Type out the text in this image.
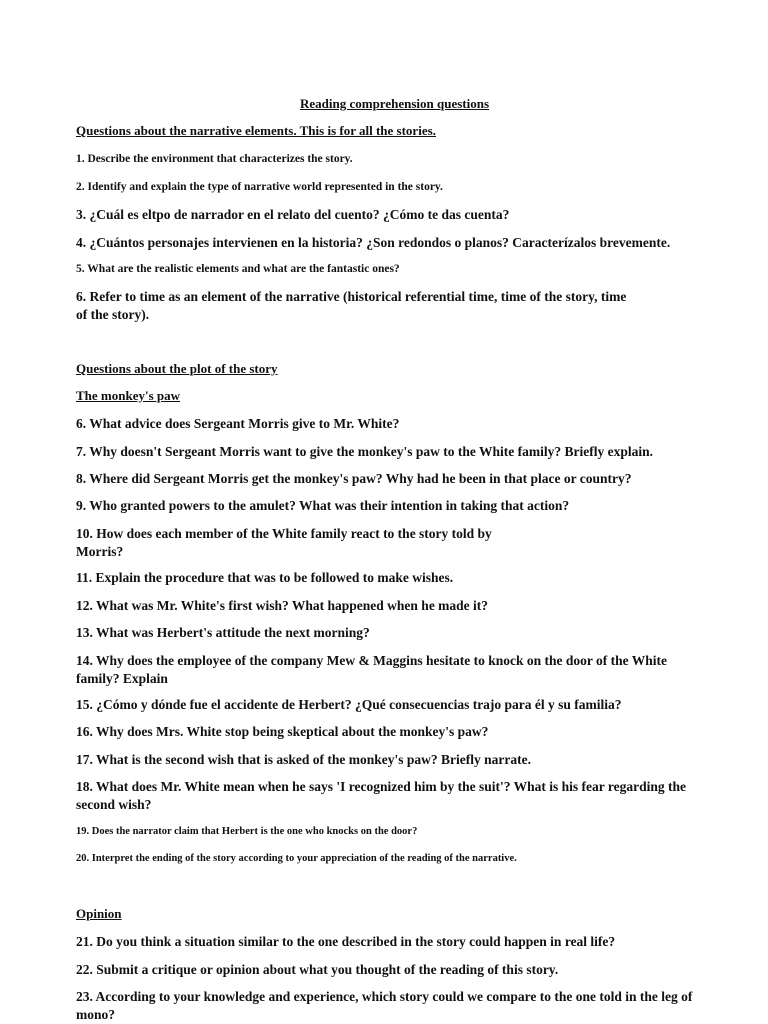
Reading comprehension questions
Questions about the narrative elements. This is for all the stories.
1. Describe the environment that characterizes the story.
2. Identify and explain the type of narrative world represented in the story.
3. ¿Cuál es eltpo de narrador en el relato del cuento? ¿Cómo te das cuenta?
4. ¿Cuántos personajes intervienen en la historia? ¿Son redondos o planos? Caracterízalos brevemente.
5. What are the realistic elements and what are the fantastic ones?
6. Refer to time as an element of the narrative (historical referential time, time of the story, time of the story).
Questions about the plot of the story
The monkey's paw
6. What advice does Sergeant Morris give to Mr. White?
7. Why doesn't Sergeant Morris want to give the monkey's paw to the White family? Briefly explain.
8. Where did Sergeant Morris get the monkey's paw? Why had he been in that place or country?
9. Who granted powers to the amulet? What was their intention in taking that action?
10. How does each member of the White family react to the story told by Morris?
11. Explain the procedure that was to be followed to make wishes.
12. What was Mr. White's first wish? What happened when he made it?
13. What was Herbert's attitude the next morning?
14. Why does the employee of the company Mew & Maggins hesitate to knock on the door of the White family? Explain
15. ¿Cómo y dónde fue el accidente de Herbert? ¿Qué consecuencias trajo para él y su familia?
16. Why does Mrs. White stop being skeptical about the monkey's paw?
17. What is the second wish that is asked of the monkey's paw? Briefly narrate.
18. What does Mr. White mean when he says 'I recognized him by the suit'? What is his fear regarding the second wish?
19. Does the narrator claim that Herbert is the one who knocks on the door?
20. Interpret the ending of the story according to your appreciation of the reading of the narrative.
Opinion
21. Do you think a situation similar to the one described in the story could happen in real life?
22. Submit a critique or opinion about what you thought of the reading of this story.
23. According to your knowledge and experience, which story could we compare to the one told in the leg of mono?
